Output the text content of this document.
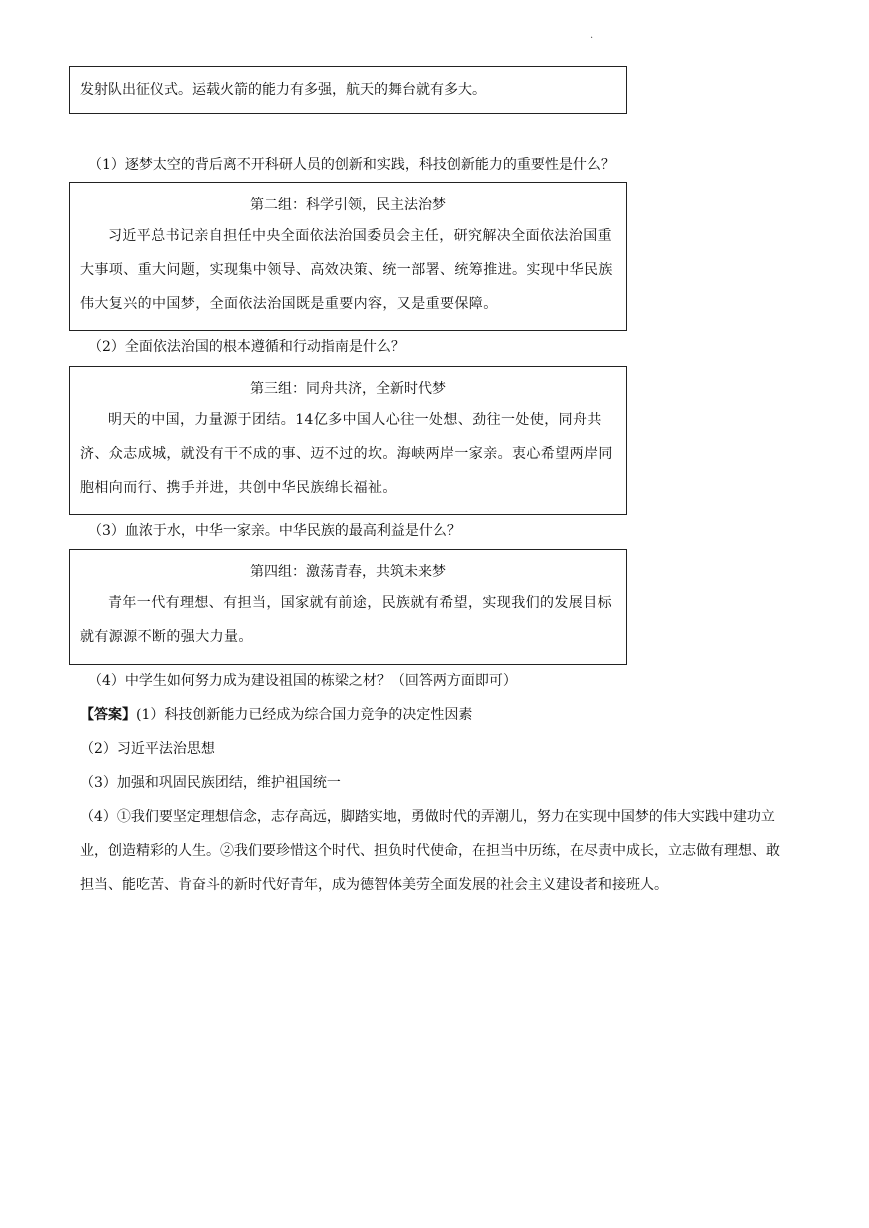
.

发射队出征仪式。运载火箭的能力有多强，航天的舞台就有多大。

（1）逐梦太空的背后离不开科研人员的创新和实践，科技创新能力的重要性是什么？

第二组：科学引领，民主法治梦

习近平总书记亲自担任中央全面依法治国委员会主任，研究解决全面依法治国重大事项、重大问题，实现集中领导、高效决策、统一部署、统筹推进。实现中华民族伟大复兴的中国梦，全面依法治国既是重要内容，又是重要保障。

（2）全面依法治国的根本遵循和行动指南是什么？

第三组：同舟共济，全新时代梦

明天的中国，力量源于团结。14亿多中国人心往一处想、劲往一处使，同舟共济、众志成城，就没有干不成的事、迈不过的坎。海峡两岸一家亲。衷心希望两岸同胞相向而行、携手并进，共创中华民族绵长福祉。

（3）血浓于水，中华一家亲。中华民族的最高利益是什么？

第四组：激荡青春，共筑未来梦

青年一代有理想、有担当，国家就有前途，民族就有希望，实现我们的发展目标就有源源不断的强大力量。

（4）中学生如何努力成为建设祖国的栋梁之材？（回答两方面即可）

【答案】(1）科技创新能力已经成为综合国力竞争的决定性因素
（2）习近平法治思想
（3）加强和巩固民族团结，维护祖国统一
（4）①我们要坚定理想信念，志存高远，脚踏实地，勇做时代的弄潮儿，努力在实现中国梦的伟大实践中建功立业，创造精彩的人生。②我们要珍惜这个时代、担负时代使命，在担当中历练，在尽责中成长，立志做有理想、敢担当、能吃苦、肯奋斗的新时代好青年，成为德智体美劳全面发展的社会主义建设者和接班人。
